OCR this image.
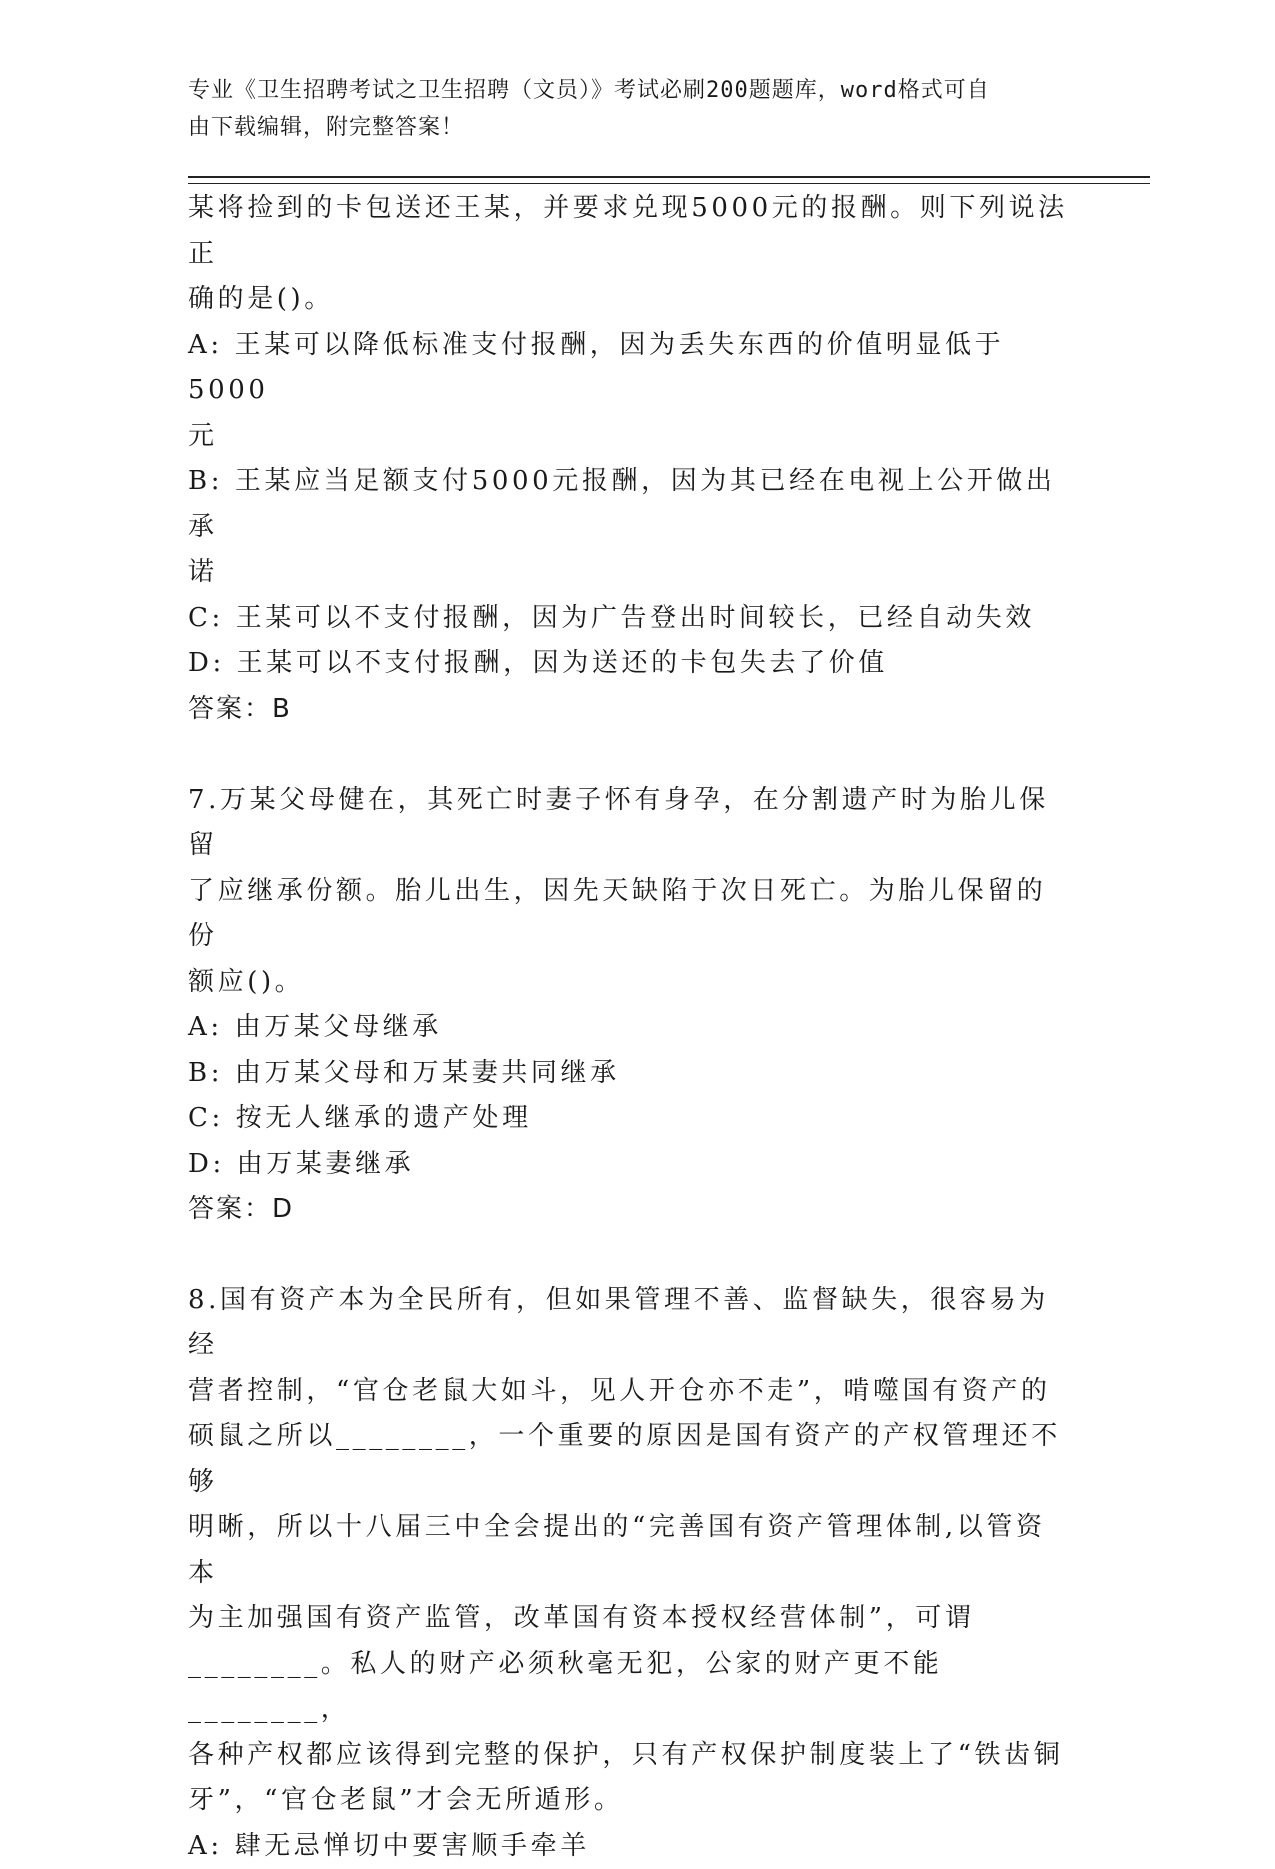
专业《卫生招聘考试之卫生招聘（文员）》考试必刷200题题库，word格式可自
由下载编辑，附完整答案！

某将捡到的卡包送还王某，并要求兑现5000元的报酬。则下列说法正

确的是()。

A: 王某可以降低标准支付报酬，因为丢失东西的价值明显低于5000

元

B: 王某应当足额支付5000元报酬，因为其已经在电视上公开做出承

诺

C: 王某可以不支付报酬，因为广告登出时间较长，已经自动失效

D: 王某可以不支付报酬，因为送还的卡包失去了价值

答案：B

7.万某父母健在，其死亡时妻子怀有身孕，在分割遗产时为胎儿保留

了应继承份额。胎儿出生，因先天缺陷于次日死亡。为胎儿保留的份

额应()。

A: 由万某父母继承

B: 由万某父母和万某妻共同继承

C: 按无人继承的遗产处理

D: 由万某妻继承

答案：D

8.国有资产本为全民所有，但如果管理不善、监督缺失，很容易为经

营者控制，“官仓老鼠大如斗，见人开仓亦不走”，啃噬国有资产的

硕鼠之所以________，一个重要的原因是国有资产的产权管理还不够

明晰，所以十八届三中全会提出的“完善国有资产管理体制,以管资本

为主加强国有资产监管，改革国有资本授权经营体制”，可谓

________。私人的财产必须秋毫无犯，公家的财产更不能________，

各种产权都应该得到完整的保护，只有产权保护制度装上了“铁齿铜

牙”，“官仓老鼠”才会无所遁形。

A: 肆无忌惮切中要害顺手牵羊
